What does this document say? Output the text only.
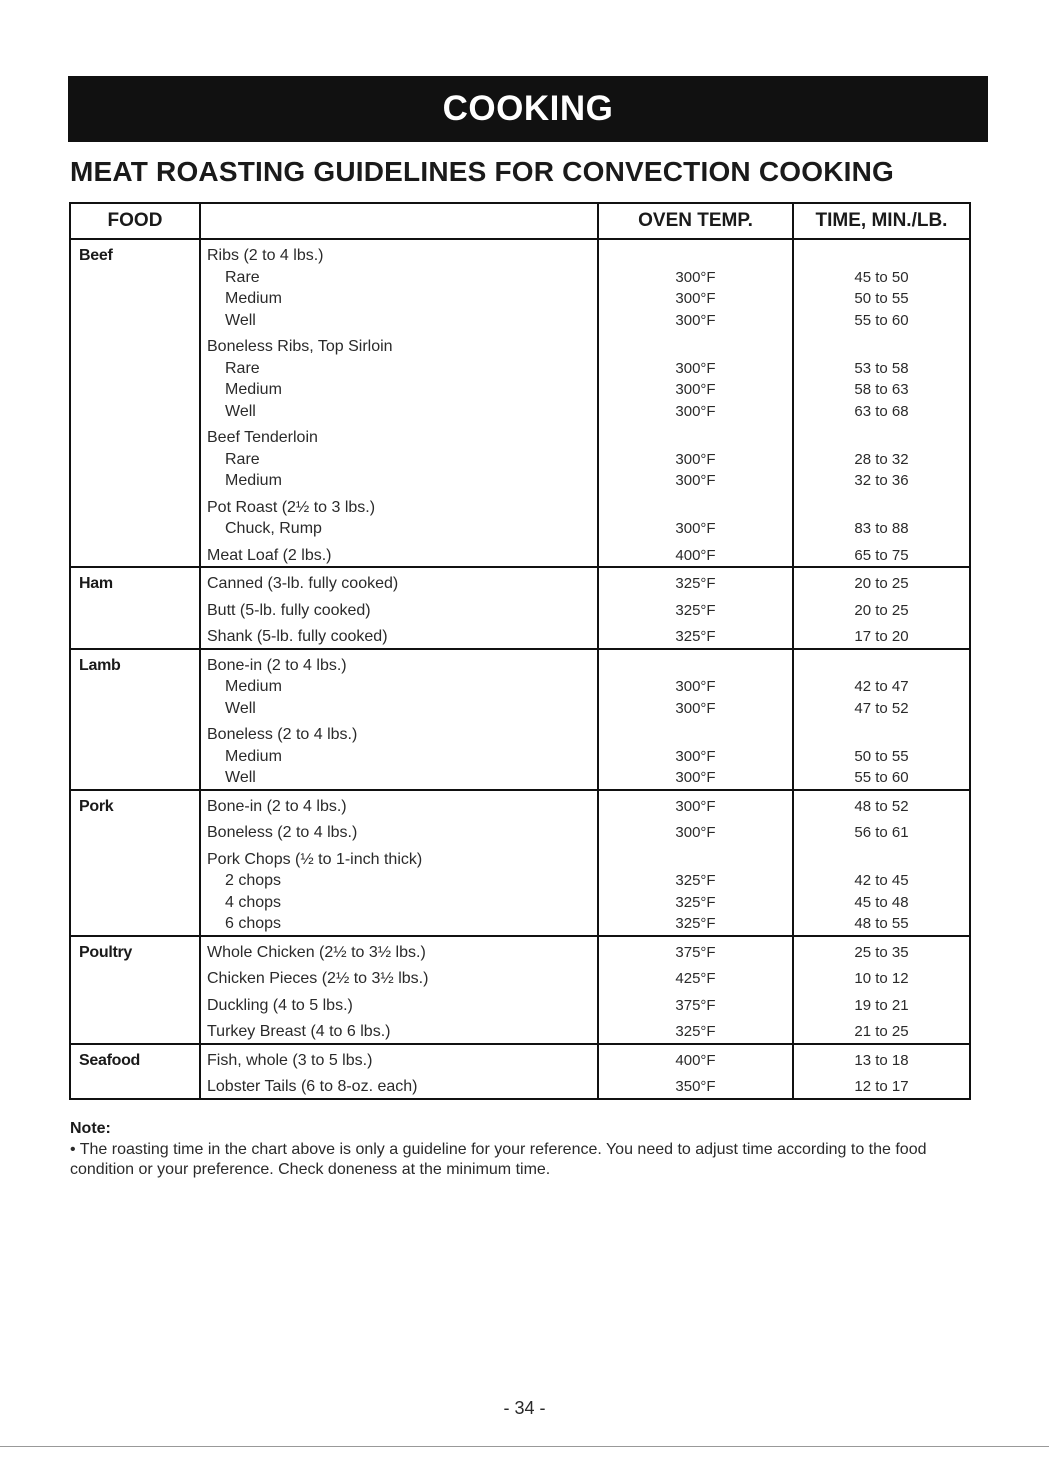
COOKING
MEAT ROASTING GUIDELINES FOR CONVECTION COOKING
FOOD		OVEN TEMP.	TIME, MIN./LB.
Beef	Ribs (2 to 4 lbs.)		
	Rare	300°F	45 to 50
	Medium	300°F	50 to 55
	Well	300°F	55 to 60
	Boneless Ribs, Top Sirloin		
	Rare	300°F	53 to 58
	Medium	300°F	58 to 63
	Well	300°F	63 to 68
	Beef Tenderloin		
	Rare	300°F	28 to 32
	Medium	300°F	32 to 36
	Pot Roast (2½ to 3 lbs.)		
	Chuck, Rump	300°F	83 to 88
	Meat Loaf (2 lbs.)	400°F	65 to 75
Ham	Canned (3-lb. fully cooked)	325°F	20 to 25
	Butt (5-lb. fully cooked)	325°F	20 to 25
	Shank (5-lb. fully cooked)	325°F	17 to 20
Lamb	Bone-in (2 to 4 lbs.)		
	Medium	300°F	42 to 47
	Well	300°F	47 to 52
	Boneless (2 to 4 lbs.)		
	Medium	300°F	50 to 55
	Well	300°F	55 to 60
Pork	Bone-in (2 to 4 lbs.)	300°F	48 to 52
	Boneless (2 to 4 lbs.)	300°F	56 to 61
	Pork Chops (½ to 1-inch thick)		
	2 chops	325°F	42 to 45
	4 chops	325°F	45 to 48
	6 chops	325°F	48 to 55
Poultry	Whole Chicken (2½ to 3½ lbs.)	375°F	25 to 35
	Chicken Pieces (2½ to 3½ lbs.)	425°F	10 to 12
	Duckling (4 to 5 lbs.)	375°F	19 to 21
	Turkey Breast (4 to 6 lbs.)	325°F	21 to 25
Seafood	Fish, whole (3 to 5 lbs.)	400°F	13 to 18
	Lobster Tails (6 to 8-oz. each)	350°F	12 to 17
Note:
• The roasting time in the chart above is only a guideline for your reference. You need to adjust time according to the food condition or your preference. Check doneness at the minimum time.
- 34 -
